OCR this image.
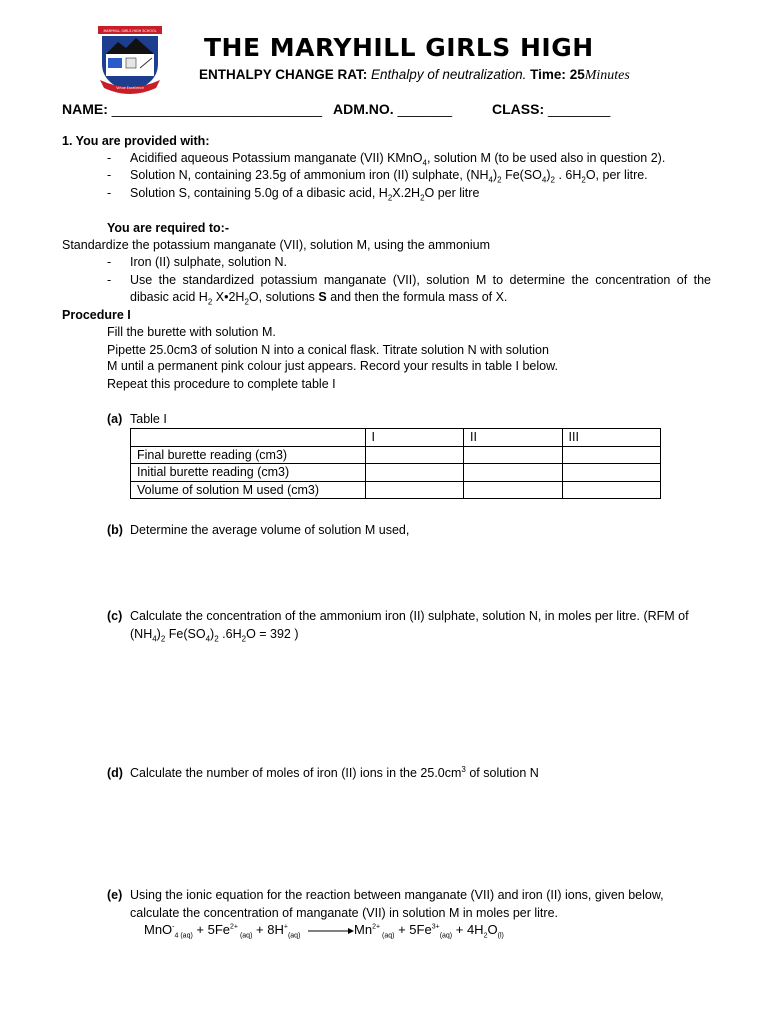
MARYHILL GIRLS HIGH SCHOOL
Virtue Excellence
THE MARYHILL GIRLS HIGH
ENTHALPY CHANGE RAT: Enthalpy of neutralization. Time: 25Minutes
NAME: ___________________________ ADM.NO. _______	CLASS: ________
1. You are provided with:
- Acidified aqueous Potassium manganate (VII) KMnO$_4$, solution M (to be used also in question 2).
- Solution N, containing 23.5g of ammonium iron (II) sulphate, $(NH_4)_2$ $Fe(SO_4)_2$ . $6H_2O$, per litre.
- Solution S, containing 5.0g of a dibasic acid, $H_2X.2H_2O$ per litre
You are required to:-
Standardize the potassium manganate (VII), solution M, using the ammonium
- Iron (II) sulphate, solution N.
- Use the standardized potassium manganate (VII), solution M to determine the concentration of the
dibasic acid $H_2$ $X•2H_2O$, solutions S and then the formula mass of X.
Procedure I
Fill the burette with solution M.
Pipette 25.0cm3 of solution N into a conical flask. Titrate solution N with solution
M until a permanent pink colour just appears. Record your results in table I below.
Repeat this procedure to complete table I
(a) Table I
	I	II	III
Final burette reading (cm3)			
Initial burette reading (cm3)			
Volume of solution M used (cm3)			
(b) Determine the average volume of solution M used,
(c) Calculate the concentration of the ammonium iron (II) sulphate, solution N, in moles per litre. (RFM of
$(NH_4)_2$ $Fe(SO_4)_2$ $.6H_2O = 392$ )
(d) Calculate the number of moles of iron (II) ions in the $25.0cm^3$ of solution N
(e) Using the ionic equation for the reaction between manganate (VII) and iron (II) ions, given below,
calculate the concentration of manganate (VII) in solution M in moles per litre.
$MnO^-_{4 (aq)} + 5Fe^{2+}$ $_{(aq)} + 8H^+_{(aq)} \to Mn^{2+}$ $_{(aq)} + 5Fe^{3+}_{(aq)} + 4H_2O_{(l)}$
